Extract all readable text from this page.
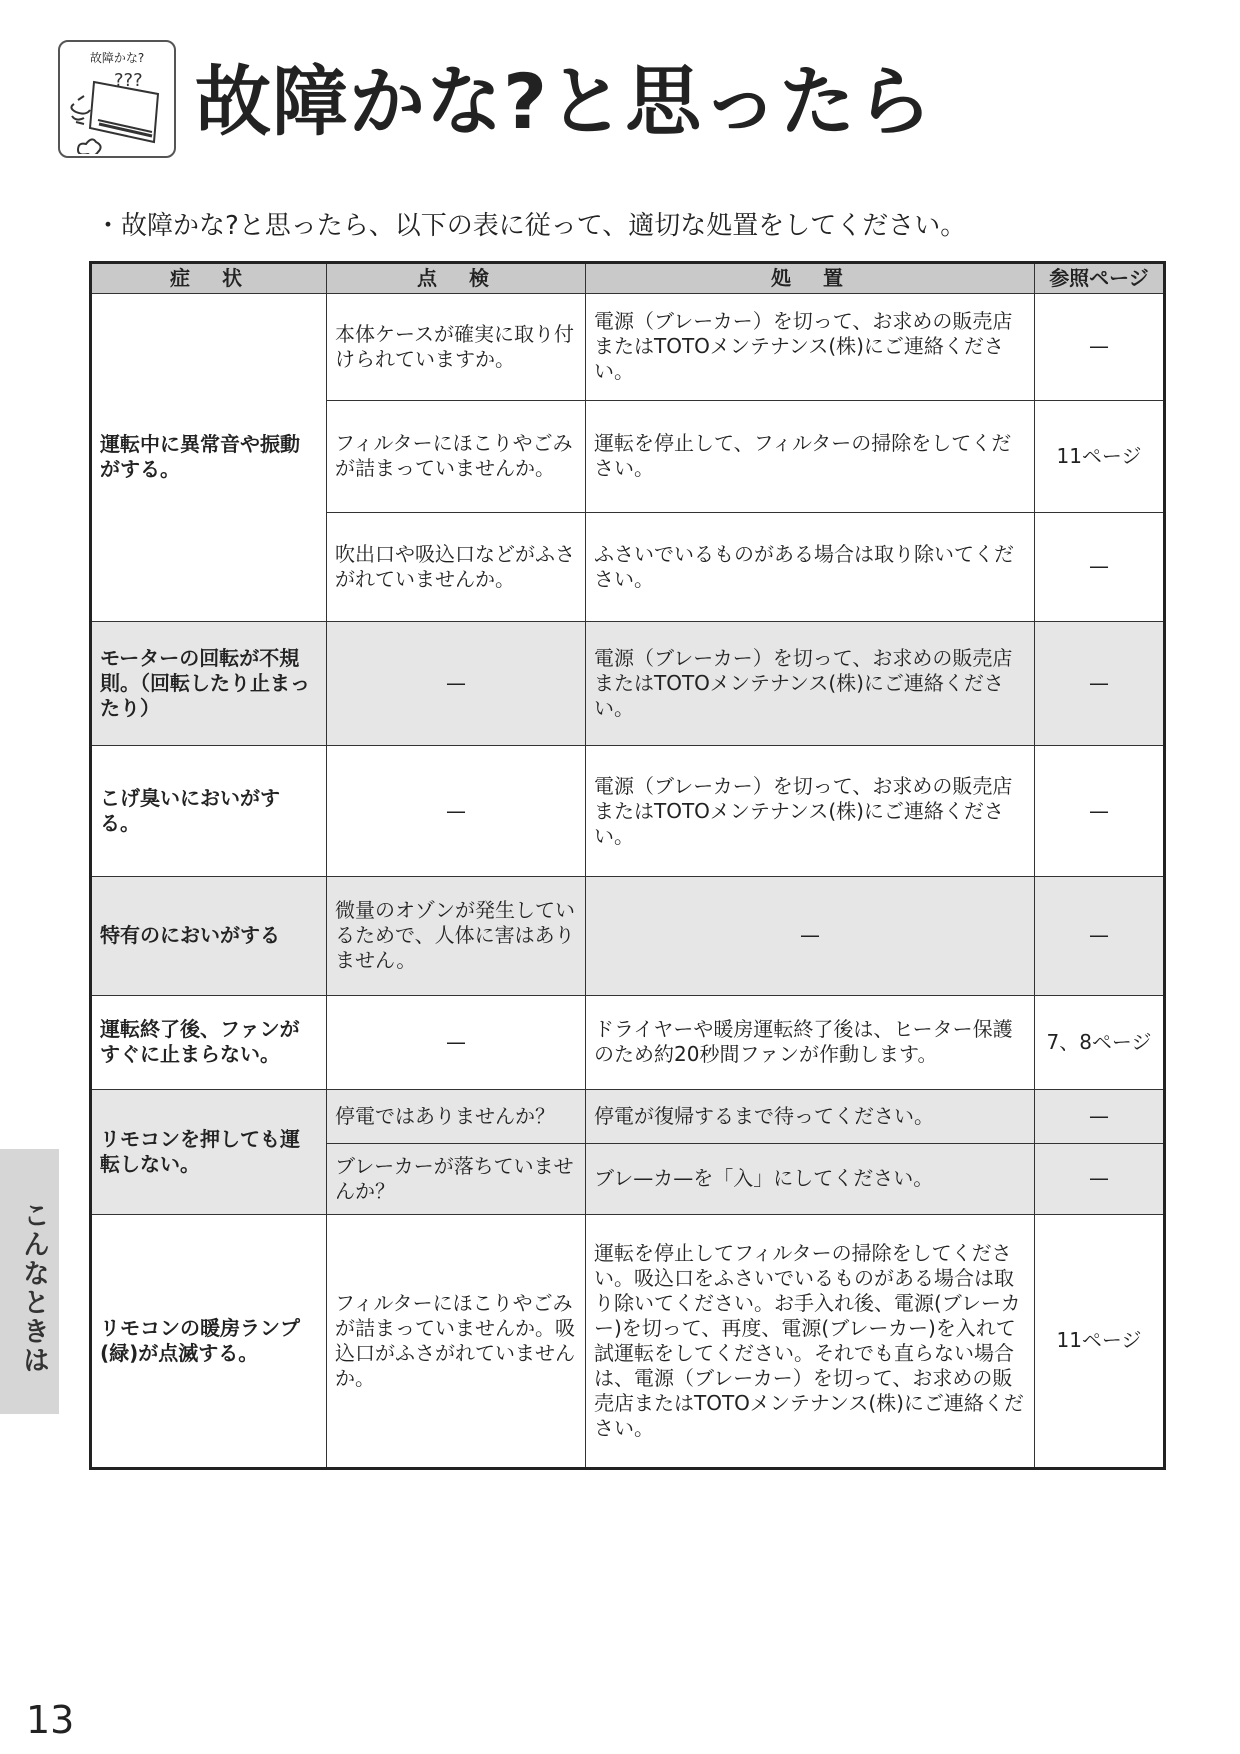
故障かな?
??? 故障かな?と思ったら

・故障かな?と思ったら、以下の表に従って、適切な処置をしてください。

症　状	点　検	処　置	参照ページ
運転中に異常音や振動がする。	本体ケースが確実に取り付けられていますか。	電源（ブレーカー）を切って、お求めの販売店またはTOTOメンテナンス(株)にご連絡ください。	—
	フィルターにほこりやごみが詰まっていませんか。	運転を停止して、フィルターの掃除をしてください。	11ページ
	吹出口や吸込口などがふさがれていませんか。	ふさいでいるものがある場合は取り除いてください。	—
モーターの回転が不規則。（回転したり止まったり）	—	電源（ブレーカー）を切って、お求めの販売店またはTOTOメンテナンス(株)にご連絡ください。	—
こげ臭いにおいがする。	—	電源（ブレーカー）を切って、お求めの販売店またはTOTOメンテナンス(株)にご連絡ください。	—
特有のにおいがする	微量のオゾンが発生しているためで、人体に害はありません。	—	—
運転終了後、ファンがすぐに止まらない。	—	ドライヤーや暖房運転終了後は、ヒーター保護のため約20秒間ファンが作動します。	7、8ページ
リモコンを押しても運転しない。	停電ではありませんか？	停電が復帰するまで待ってください。	—
	ブレーカーが落ちていませんか？	ブレ—カ—を「入」にしてください。	—
リモコンの暖房ランプ(緑)が点滅する。	フィルターにほこりやごみが詰まっていませんか。吸込口がふさがれていませんか。	運転を停止してフィルターの掃除をしてください。吸込口をふさいでいるものがある場合は取り除いてください。お手入れ後、電源(ブレーカー)を切って、再度、電源(ブレーカー)を入れて試運転をしてください。それでも直らない場合は、電源（ブレーカー）を切って、お求めの販売店またはTOTOメンテナンス(株)にご連絡ください。	11ページ
こんなときは

13
